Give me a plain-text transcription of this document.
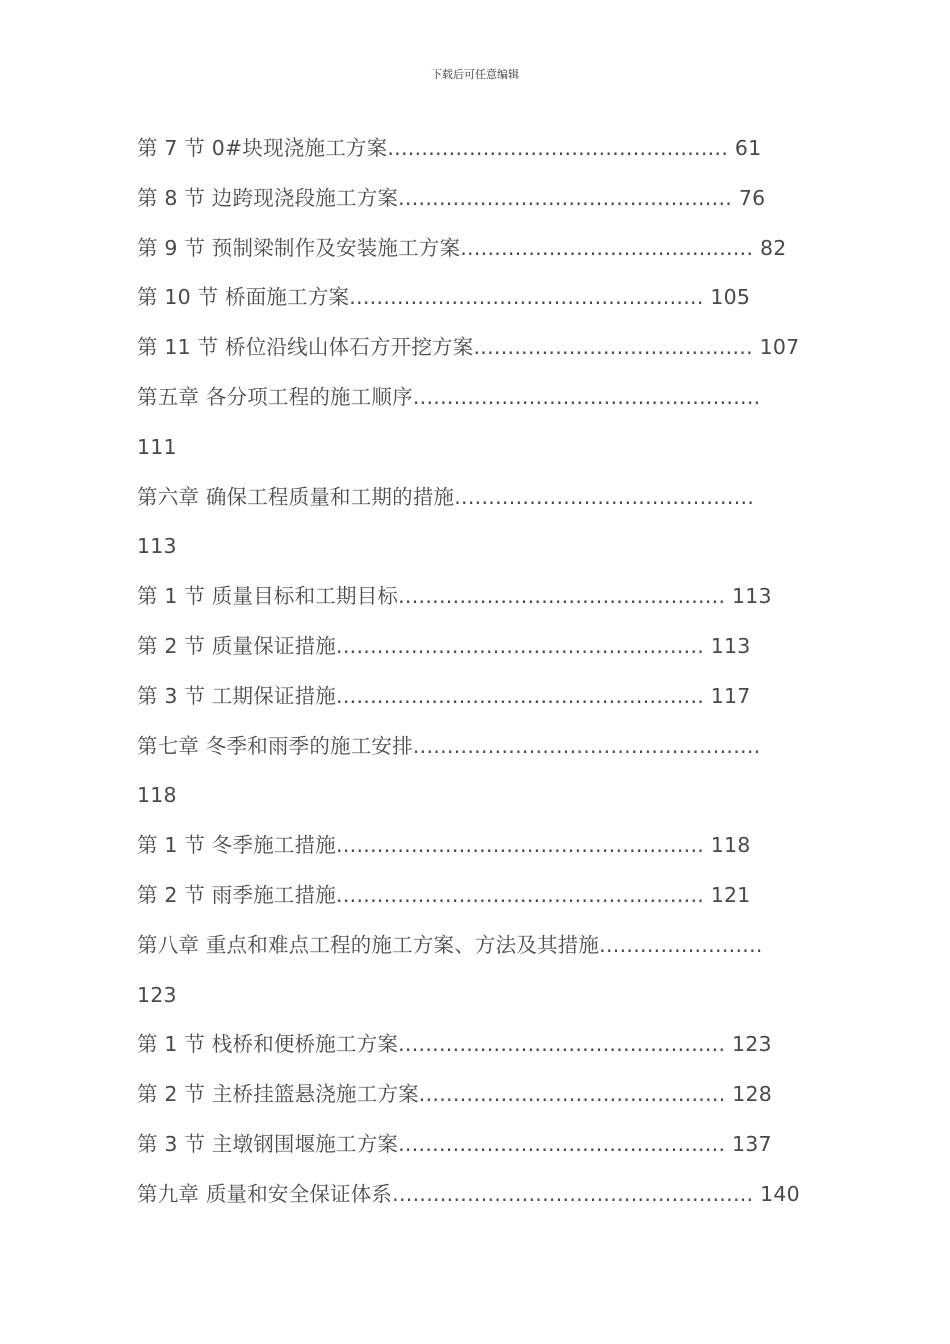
下载后可任意编辑
第 7 节 0#块现浇施工方案.................................................. 61
第 8 节 边跨现浇段施工方案................................................. 76
第 9 节 预制梁制作及安装施工方案........................................... 82
第 10 节 桥面施工方案.................................................... 105
第 11 节 桥位沿线山体石方开挖方案......................................... 107
第五章 各分项工程的施工顺序...................................................
111
第六章 确保工程质量和工期的措施............................................
113
第 1 节 质量目标和工期目标................................................ 113
第 2 节 质量保证措施...................................................... 113
第 3 节 工期保证措施...................................................... 117
第七章 冬季和雨季的施工安排...................................................
118
第 1 节 冬季施工措施...................................................... 118
第 2 节 雨季施工措施...................................................... 121
第八章 重点和难点工程的施工方案、方法及其措施........................
123
第 1 节 栈桥和便桥施工方案................................................ 123
第 2 节 主桥挂篮悬浇施工方案............................................. 128
第 3 节 主墩钢围堰施工方案................................................ 137
第九章 质量和安全保证体系..................................................... 140
